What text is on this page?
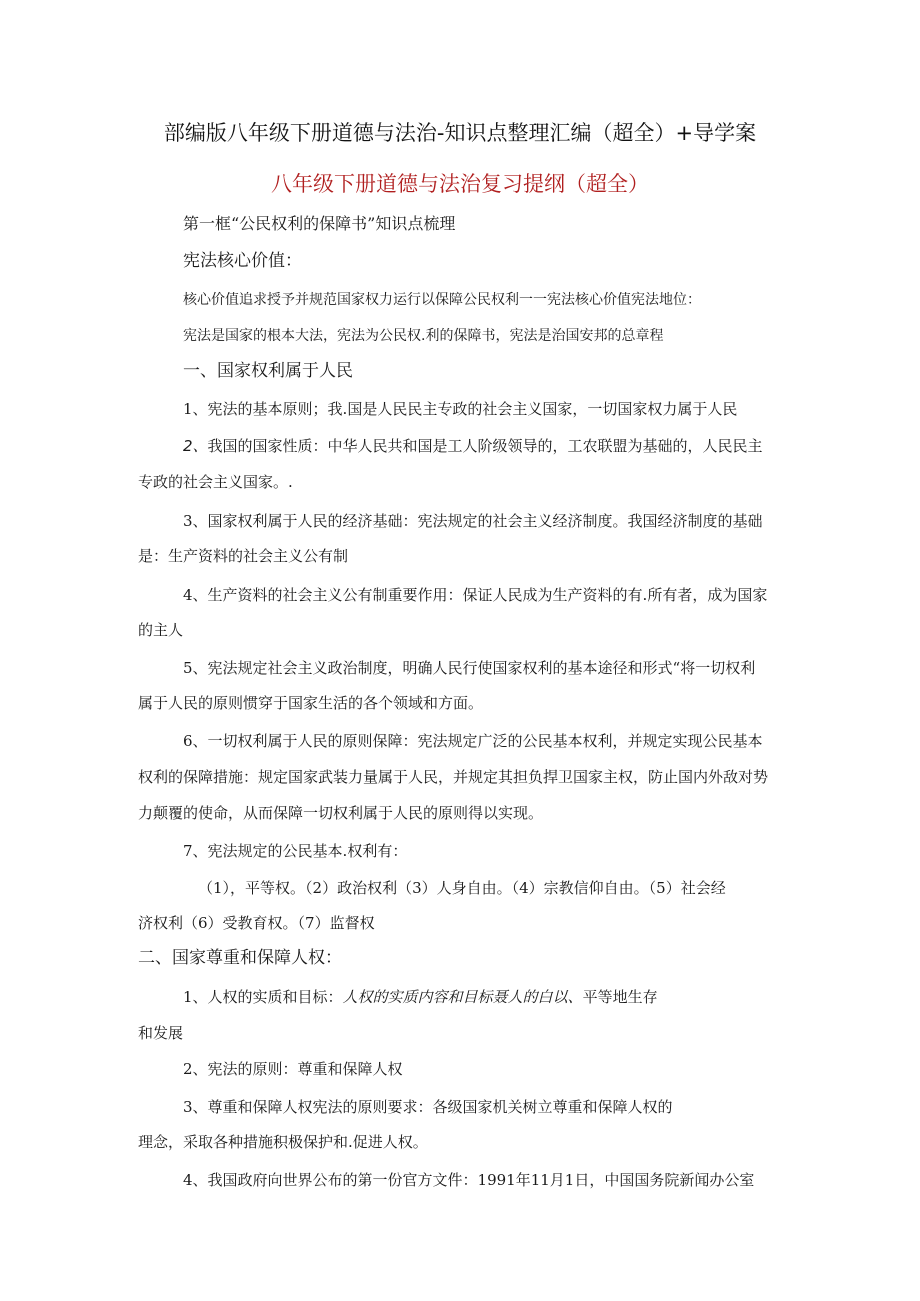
部编版八年级下册道德与法治-知识点整理汇编（超全）+导学案
八年级下册道德与法治复习提纲（超全）
第一框“公民权利的保障书”知识点梳理
宪法核心价值：
核心价值追求授予并规范国家权力运行以保障公民权利一一宪法核心价值宪法地位：
宪法是国家的根本大法，宪法为公民权.利的保障书，宪法是治国安邦的总章程
一、国家权利属于人民
1、宪法的基本原则；我.国是人民民主专政的社会主义国家，一切国家权力属于人民
2、我国的国家性质：中华人民共和国是工人阶级领导的，工农联盟为基础的，人民民主
专政的社会主义国家。.
3、国家权利属于人民的经济基础：宪法规定的社会主义经济制度。我国经济制度的基础
是：生产资料的社会主义公有制
4、生产资料的社会主义公有制重要作用：保证人民成为生产资料的有.所有者，成为国家
的主人
5、宪法规定社会主义政治制度，明确人民行使国家权利的基本途径和形式“将一切权利
属于人民的原则惯穿于国家生活的各个领域和方面。
6、一切权利属于人民的原则保障：宪法规定广泛的公民基本权利，并规定实现公民基本
权利的保障措施：规定国家武装力量属于人民，并规定其担负捍卫国家主权，防止国内外敌对势
力颠覆的使命，从而保障一切权利属于人民的原则得以实现。
7、宪法规定的公民基本.权利有：
（1），平等权。（2）政治权利（3）人身自由。（4）宗教信仰自由。（5）社会经
济权利（6）受教育权。（7）监督权
二、国家尊重和保障人权：
1、人权的实质和目标：人权的实质内容和目标聂人的白以、平等地生存
和发展
2、宪法的原则：尊重和保障人权
3、尊重和保障人权宪法的原则要求：各级国家机关树立尊重和保障人权的
理念，采取各种措施积极保护和.促进人权。
4、我国政府向世界公布的第一份官方文件：1991年11月1日，中国国务院新闻办公室
